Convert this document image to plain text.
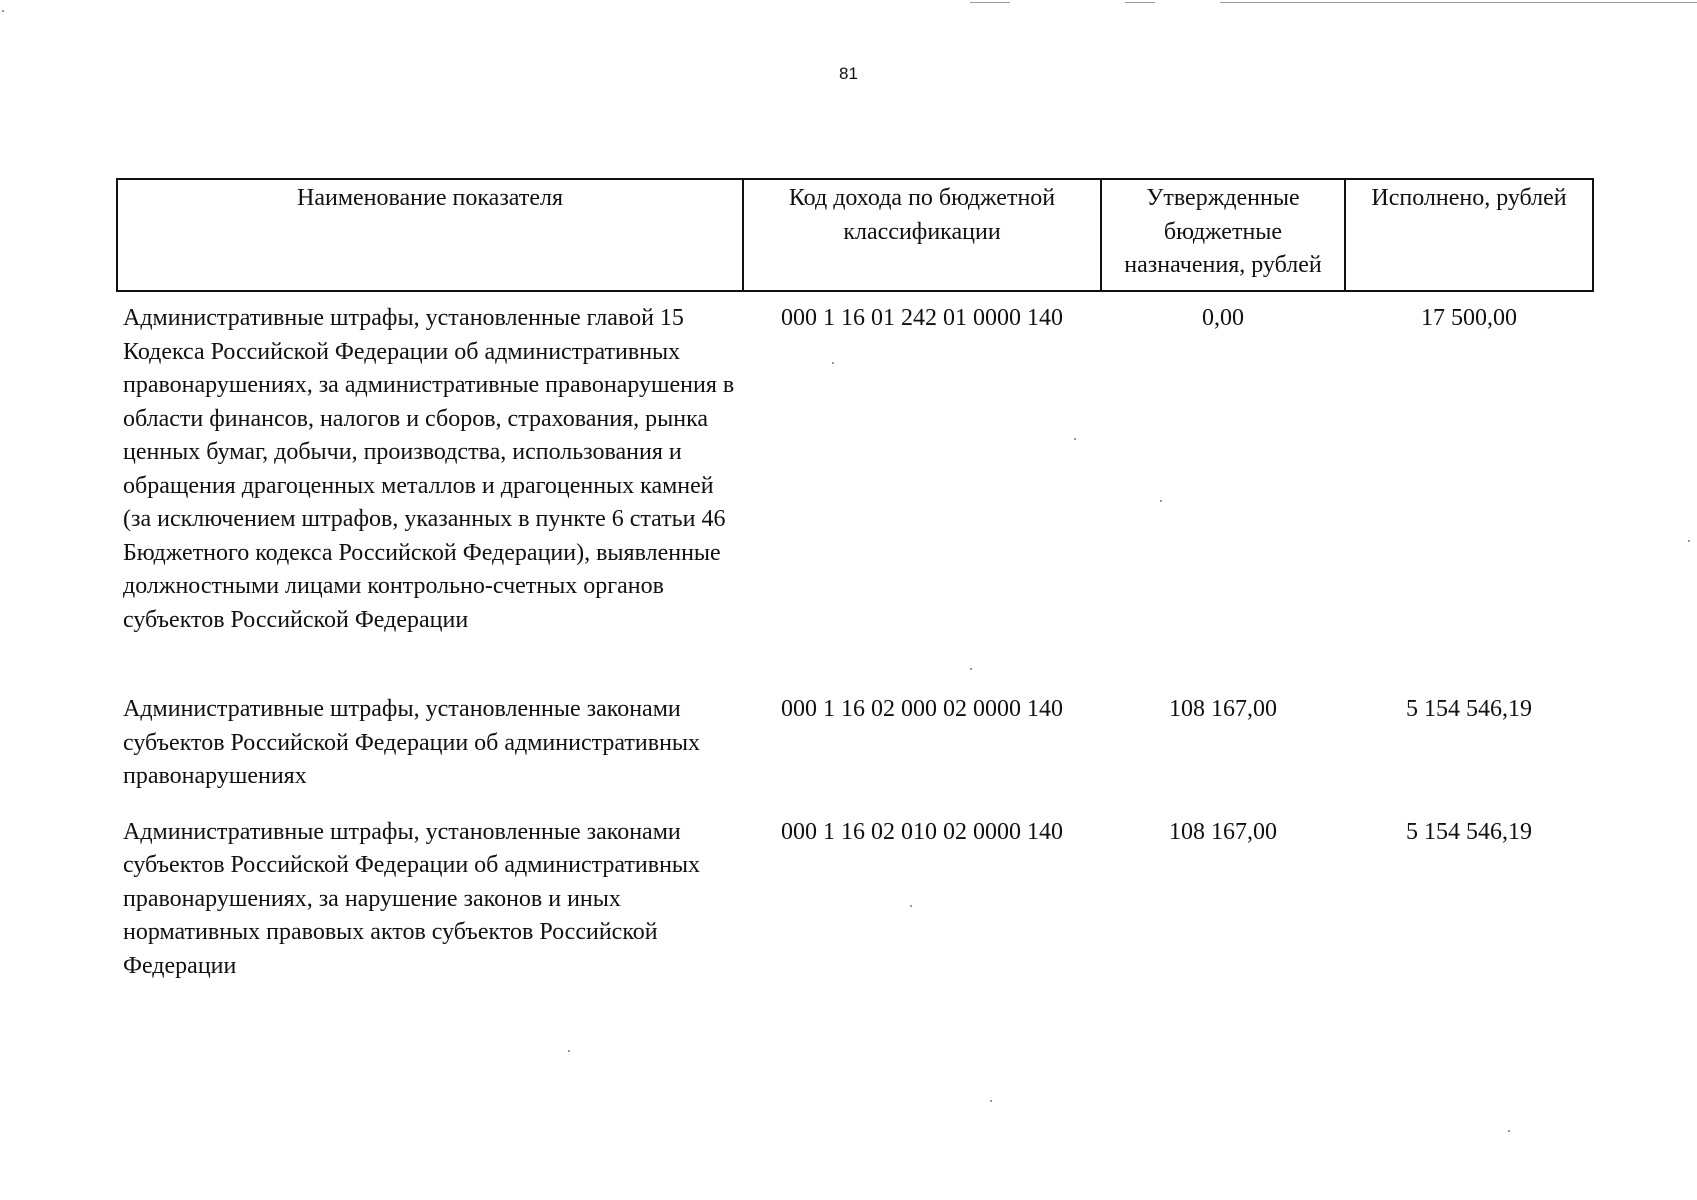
81
Наименование показателя	Код дохода по бюджетной классификации	Утвержденные бюджетные назначения, рублей	Исполнено, рублей
Административные штрафы, установленные главой 15 Кодекса Российской Федерации об административных правонарушениях, за административные правонарушения в области финансов, налогов и сборов, страхования, рынка ценных бумаг, добычи, производства, использования и обращения драгоценных металлов и драгоценных камней (за исключением штрафов, указанных в пункте 6 статьи 46 Бюджетного кодекса Российской Федерации), выявленные должностными лицами контрольно-счетных органов субъектов Российской Федерации	000 1 16 01 242 01 0000 140	0,00	17 500,00
Административные штрафы, установленные законами субъектов Российской Федерации об административных правонарушениях	000 1 16 02 000 02 0000 140	108 167,00	5 154 546,19
Административные штрафы, установленные законами субъектов Российской Федерации об административных правонарушениях, за нарушение законов и иных нормативных правовых актов субъектов Российской Федерации	000 1 16 02 010 02 0000 140	108 167,00	5 154 546,19
